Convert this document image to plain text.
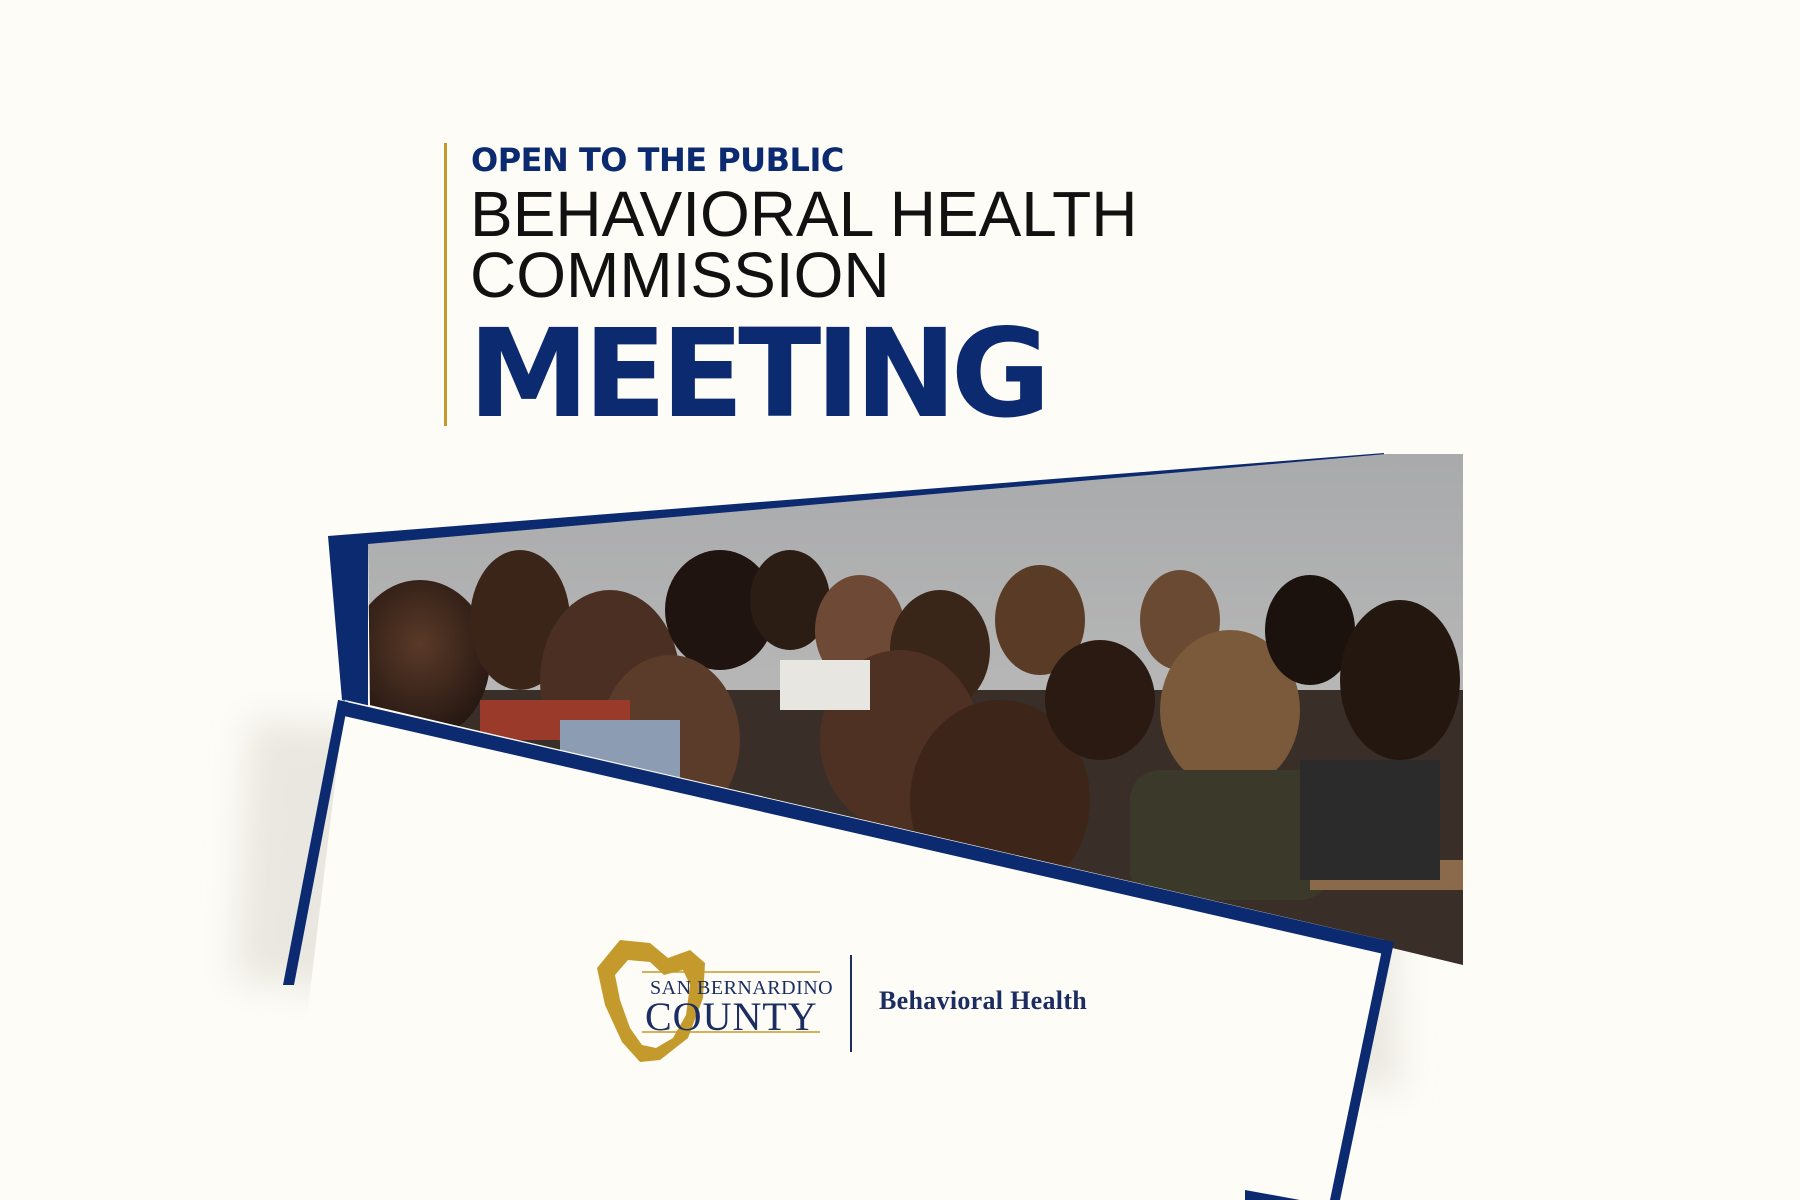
OPEN TO THE PUBLIC
BEHAVIORAL HEALTH
COMMISSION
MEETING
SAN BERNARDINO
COUNTY Behavioral Health
